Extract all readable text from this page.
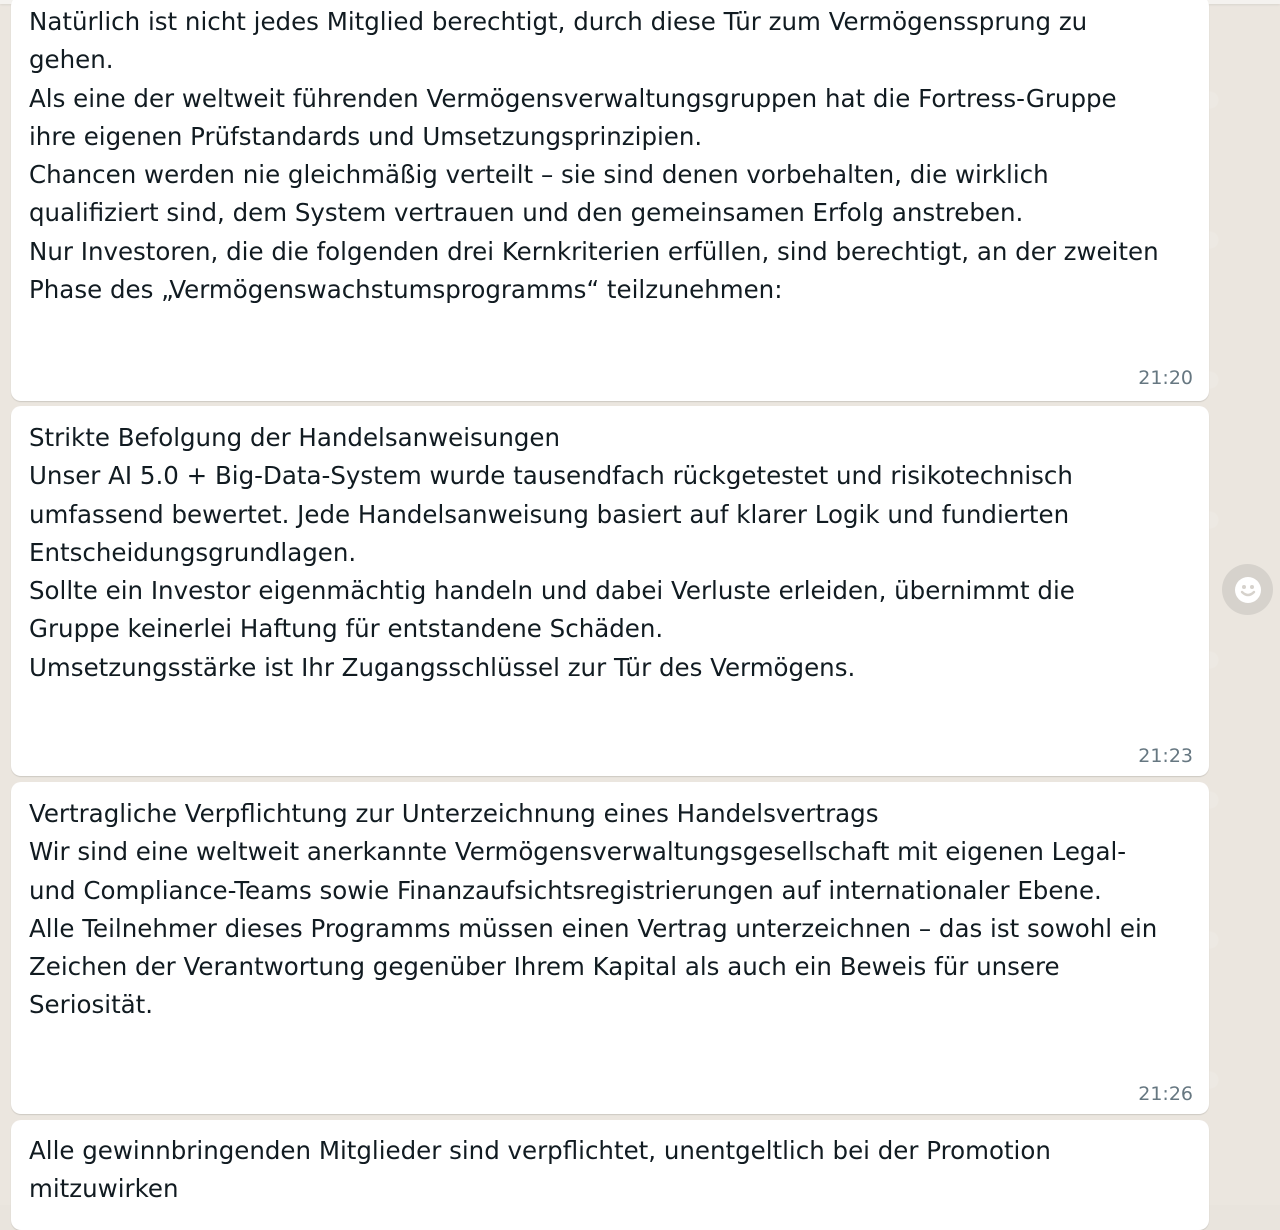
Natürlich ist nicht jedes Mitglied berechtigt, durch diese Tür zum Vermögenssprung zu

gehen.

Als eine der weltweit führenden Vermögensverwaltungsgruppen hat die Fortress-Gruppe

ihre eigenen Prüfstandards und Umsetzungsprinzipien.

Chancen werden nie gleichmäßig verteilt – sie sind denen vorbehalten, die wirklich

qualifiziert sind, dem System vertrauen und den gemeinsamen Erfolg anstreben.

Nur Investoren, die die folgenden drei Kernkriterien erfüllen, sind berechtigt, an der zweiten

Phase des „Vermögenswachstumsprogramms“ teilzunehmen:

21:20

Strikte Befolgung der Handelsanweisungen

Unser AI 5.0 + Big-Data-System wurde tausendfach rückgetestet und risikotechnisch

umfassend bewertet. Jede Handelsanweisung basiert auf klarer Logik und fundierten

Entscheidungsgrundlagen.

Sollte ein Investor eigenmächtig handeln und dabei Verluste erleiden, übernimmt die

Gruppe keinerlei Haftung für entstandene Schäden.

Umsetzungsstärke ist Ihr Zugangsschlüssel zur Tür des Vermögens.

21:23

Vertragliche Verpflichtung zur Unterzeichnung eines Handelsvertrags

Wir sind eine weltweit anerkannte Vermögensverwaltungsgesellschaft mit eigenen Legal-

und Compliance-Teams sowie Finanzaufsichtsregistrierungen auf internationaler Ebene.

Alle Teilnehmer dieses Programms müssen einen Vertrag unterzeichnen – das ist sowohl ein

Zeichen der Verantwortung gegenüber Ihrem Kapital als auch ein Beweis für unsere

Seriosität.

21:26

Alle gewinnbringenden Mitglieder sind verpflichtet, unentgeltlich bei der Promotion

mitzuwirken
